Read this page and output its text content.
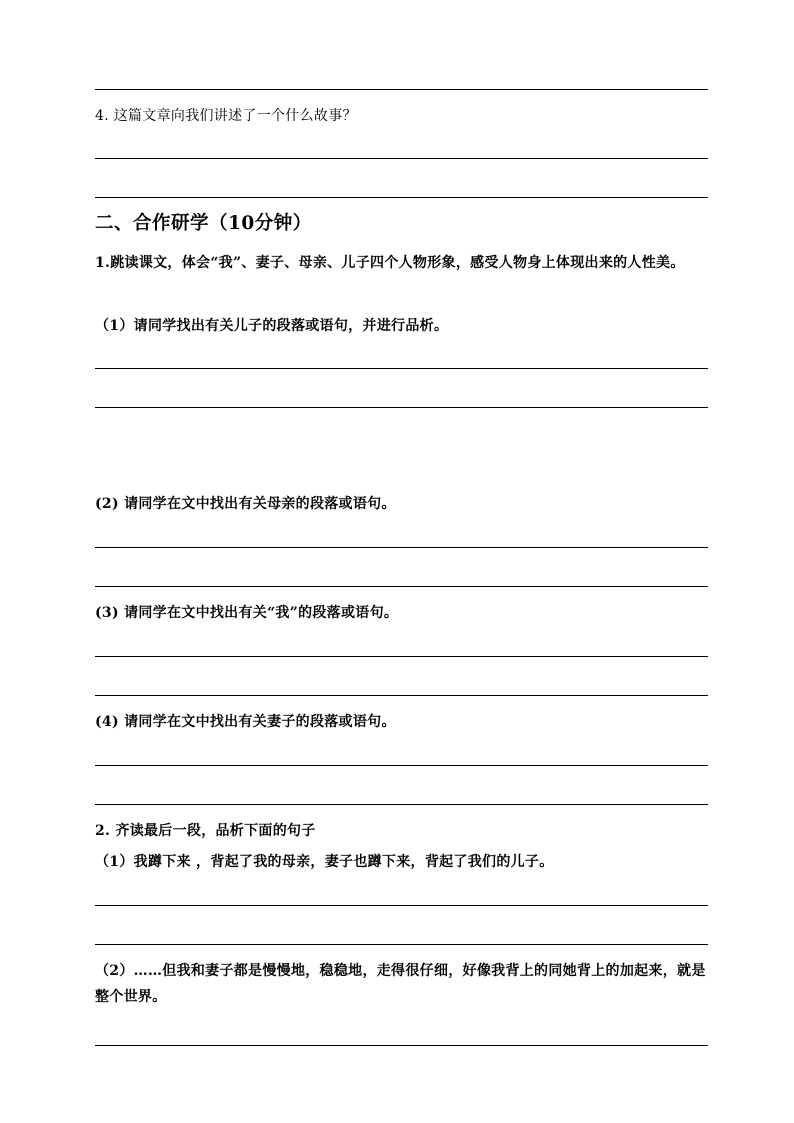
4. 这篇文章向我们讲述了一个什么故事？
二、合作研学（10分钟）
1.跳读课文，体会“我”、妻子、母亲、儿子四个人物形象，感受人物身上体现出来的人性美。
（1）请同学找出有关儿子的段落或语句，并进行品析。
(2) 请同学在文中找出有关母亲的段落或语句。
(3) 请同学在文中找出有关“我”的段落或语句。
(4) 请同学在文中找出有关妻子的段落或语句。
2. 齐读最后一段，品析下面的句子
（1）我蹲下来 ，背起了我的母亲，妻子也蹲下来，背起了我们的儿子。
（2）……但我和妻子都是慢慢地，稳稳地，走得很仔细，好像我背上的同她背上的加起来，就是整个世界。
